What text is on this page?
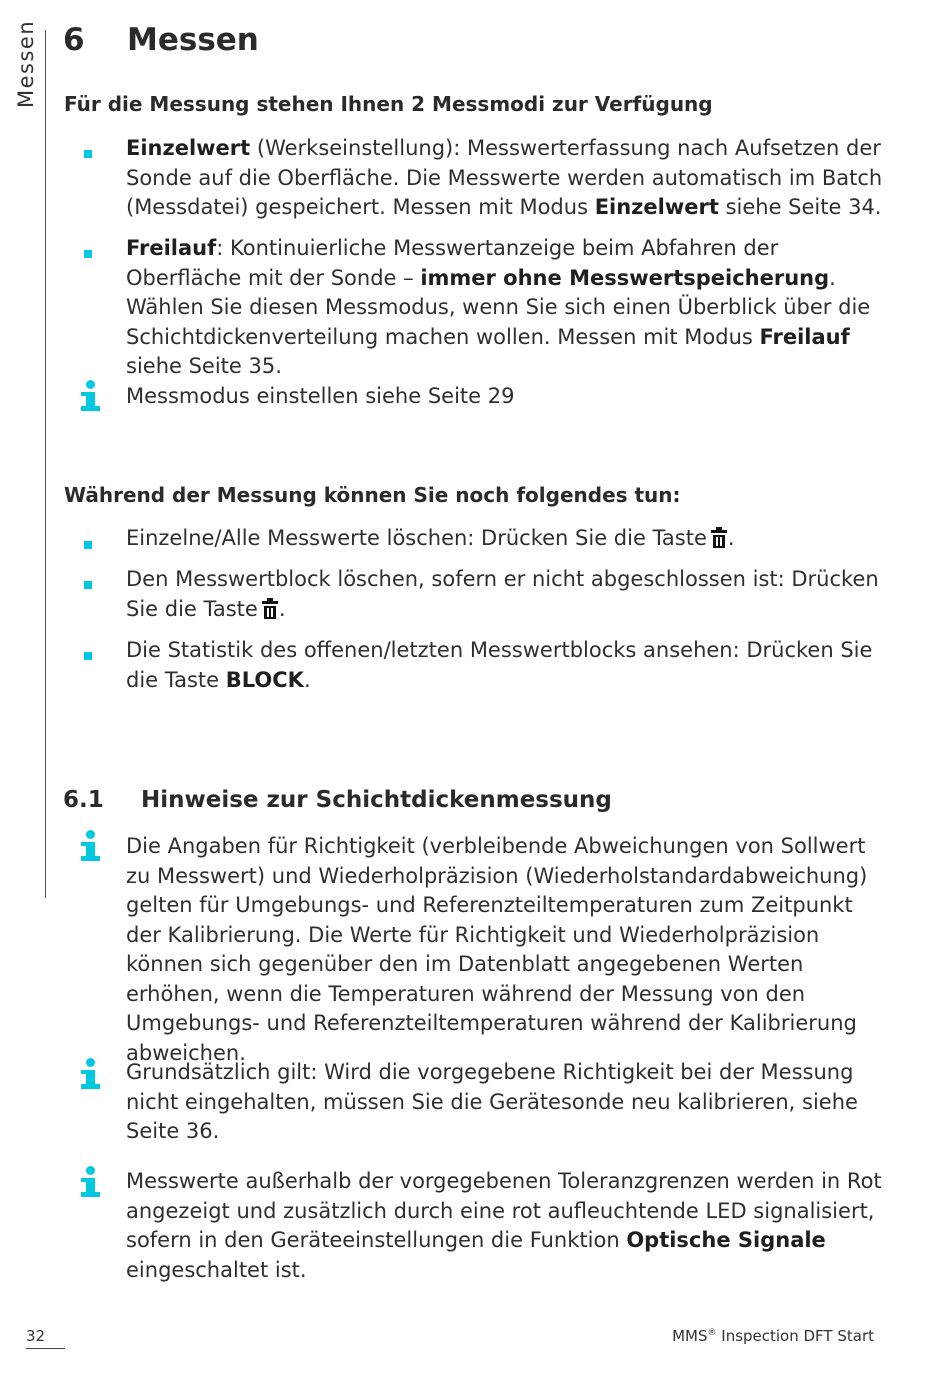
Messen 6 Messen
Für die Messung stehen Ihnen 2 Messmodi zur Verfügung
Einzelwert (Werkseinstellung): Messwerterfassung nach Aufsetzen der Sonde auf die Oberfläche. Die Messwerte werden automatisch im Batch (Messdatei) gespeichert. Messen mit Modus Einzelwert siehe Seite 34.
Freilauf: Kontinuierliche Messwertanzeige beim Abfahren der Oberfläche mit der Sonde – immer ohne Messwertspeicherung. Wählen Sie diesen Messmodus, wenn Sie sich einen Überblick über die Schichtdickenverteilung machen wollen. Messen mit Modus Freilauf siehe Seite 35.
Messmodus einstellen siehe Seite 29
Während der Messung können Sie noch folgendes tun:
Einzelne/Alle Messwerte löschen: Drücken Sie die Taste .
Den Messwertblock löschen, sofern er nicht abgeschlossen ist: Drücken Sie die Taste .
Die Statistik des offenen/letzten Messwertblocks ansehen: Drücken Sie die Taste BLOCK.
6.1 Hinweise zur Schichtdickenmessung
Die Angaben für Richtigkeit (verbleibende Abweichungen von Sollwert zu Messwert) und Wiederholpräzision (Wiederholstandardabweichung) gelten für Umgebungs- und Referenzteiltemperaturen zum Zeitpunkt der Kalibrierung. Die Werte für Richtigkeit und Wiederholpräzision können sich gegenüber den im Datenblatt angegebenen Werten erhöhen, wenn die Temperaturen während der Messung von den Umgebungs- und Referenzteiltemperaturen während der Kalibrierung abweichen.
Grundsätzlich gilt: Wird die vorgegebene Richtigkeit bei der Messung nicht eingehalten, müssen Sie die Gerätesonde neu kalibrieren, siehe Seite 36.
Messwerte außerhalb der vorgegebenen Toleranzgrenzen werden in Rot angezeigt und zusätzlich durch eine rot aufleuchtende LED signalisiert, sofern in den Geräteeinstellungen die Funktion Optische Signale eingeschaltet ist.
32	MMS® Inspection DFT Start
